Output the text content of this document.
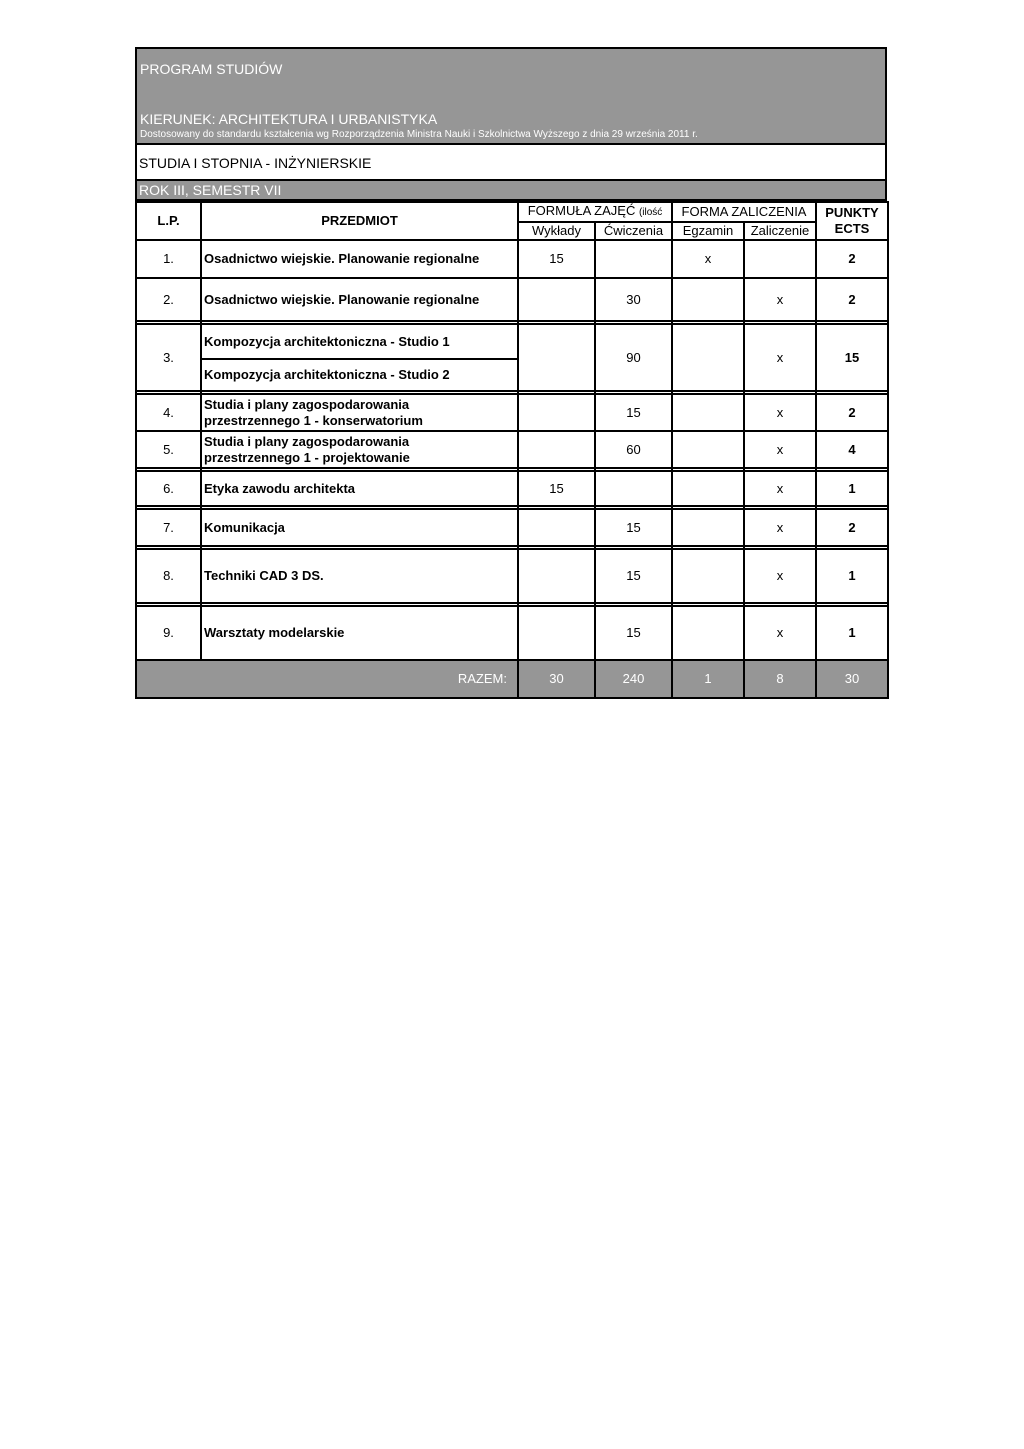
PROGRAM STUDIÓW
KIERUNEK: ARCHITEKTURA I URBANISTYKA
Dostosowany do standardu kształcenia wg Rozporządzenia Ministra Nauki i Szkolnictwa Wyższego z dnia 29 września 2011 r.
STUDIA I STOPNIA - INŻYNIERSKIE
ROK III, SEMESTR VII
L.P.	PRZEDMIOT	FORMUŁA ZAJĘĆ (ilość		FORMA ZALICZENIA		PUNKTY
ECTS
		Wykłady	Ćwiczenia	Egzamin	Zaliczenie	
1.	Osadnictwo wiejskie. Planowanie regionalne	15		x		2
2.	Osadnictwo wiejskie. Planowanie regionalne		30		x	2

3.	Kompozycja architektoniczna - Studio 1		90		x	15
	Kompozycja architektoniczna - Studio 2					

4.	Studia i plany zagospodarowania
przestrzennego 1 - konserwatorium		15		x	2
5.	Studia i plany zagospodarowania
przestrzennego 1 - projektowanie		60		x	4

6.	Etyka zawodu architekta	15			x	1

7.	Komunikacja		15		x	2

8.	Techniki CAD 3 DS.		15		x	1

9.	Warsztaty modelarskie		15		x	1
RAZEM:		30	240	1	8	30
